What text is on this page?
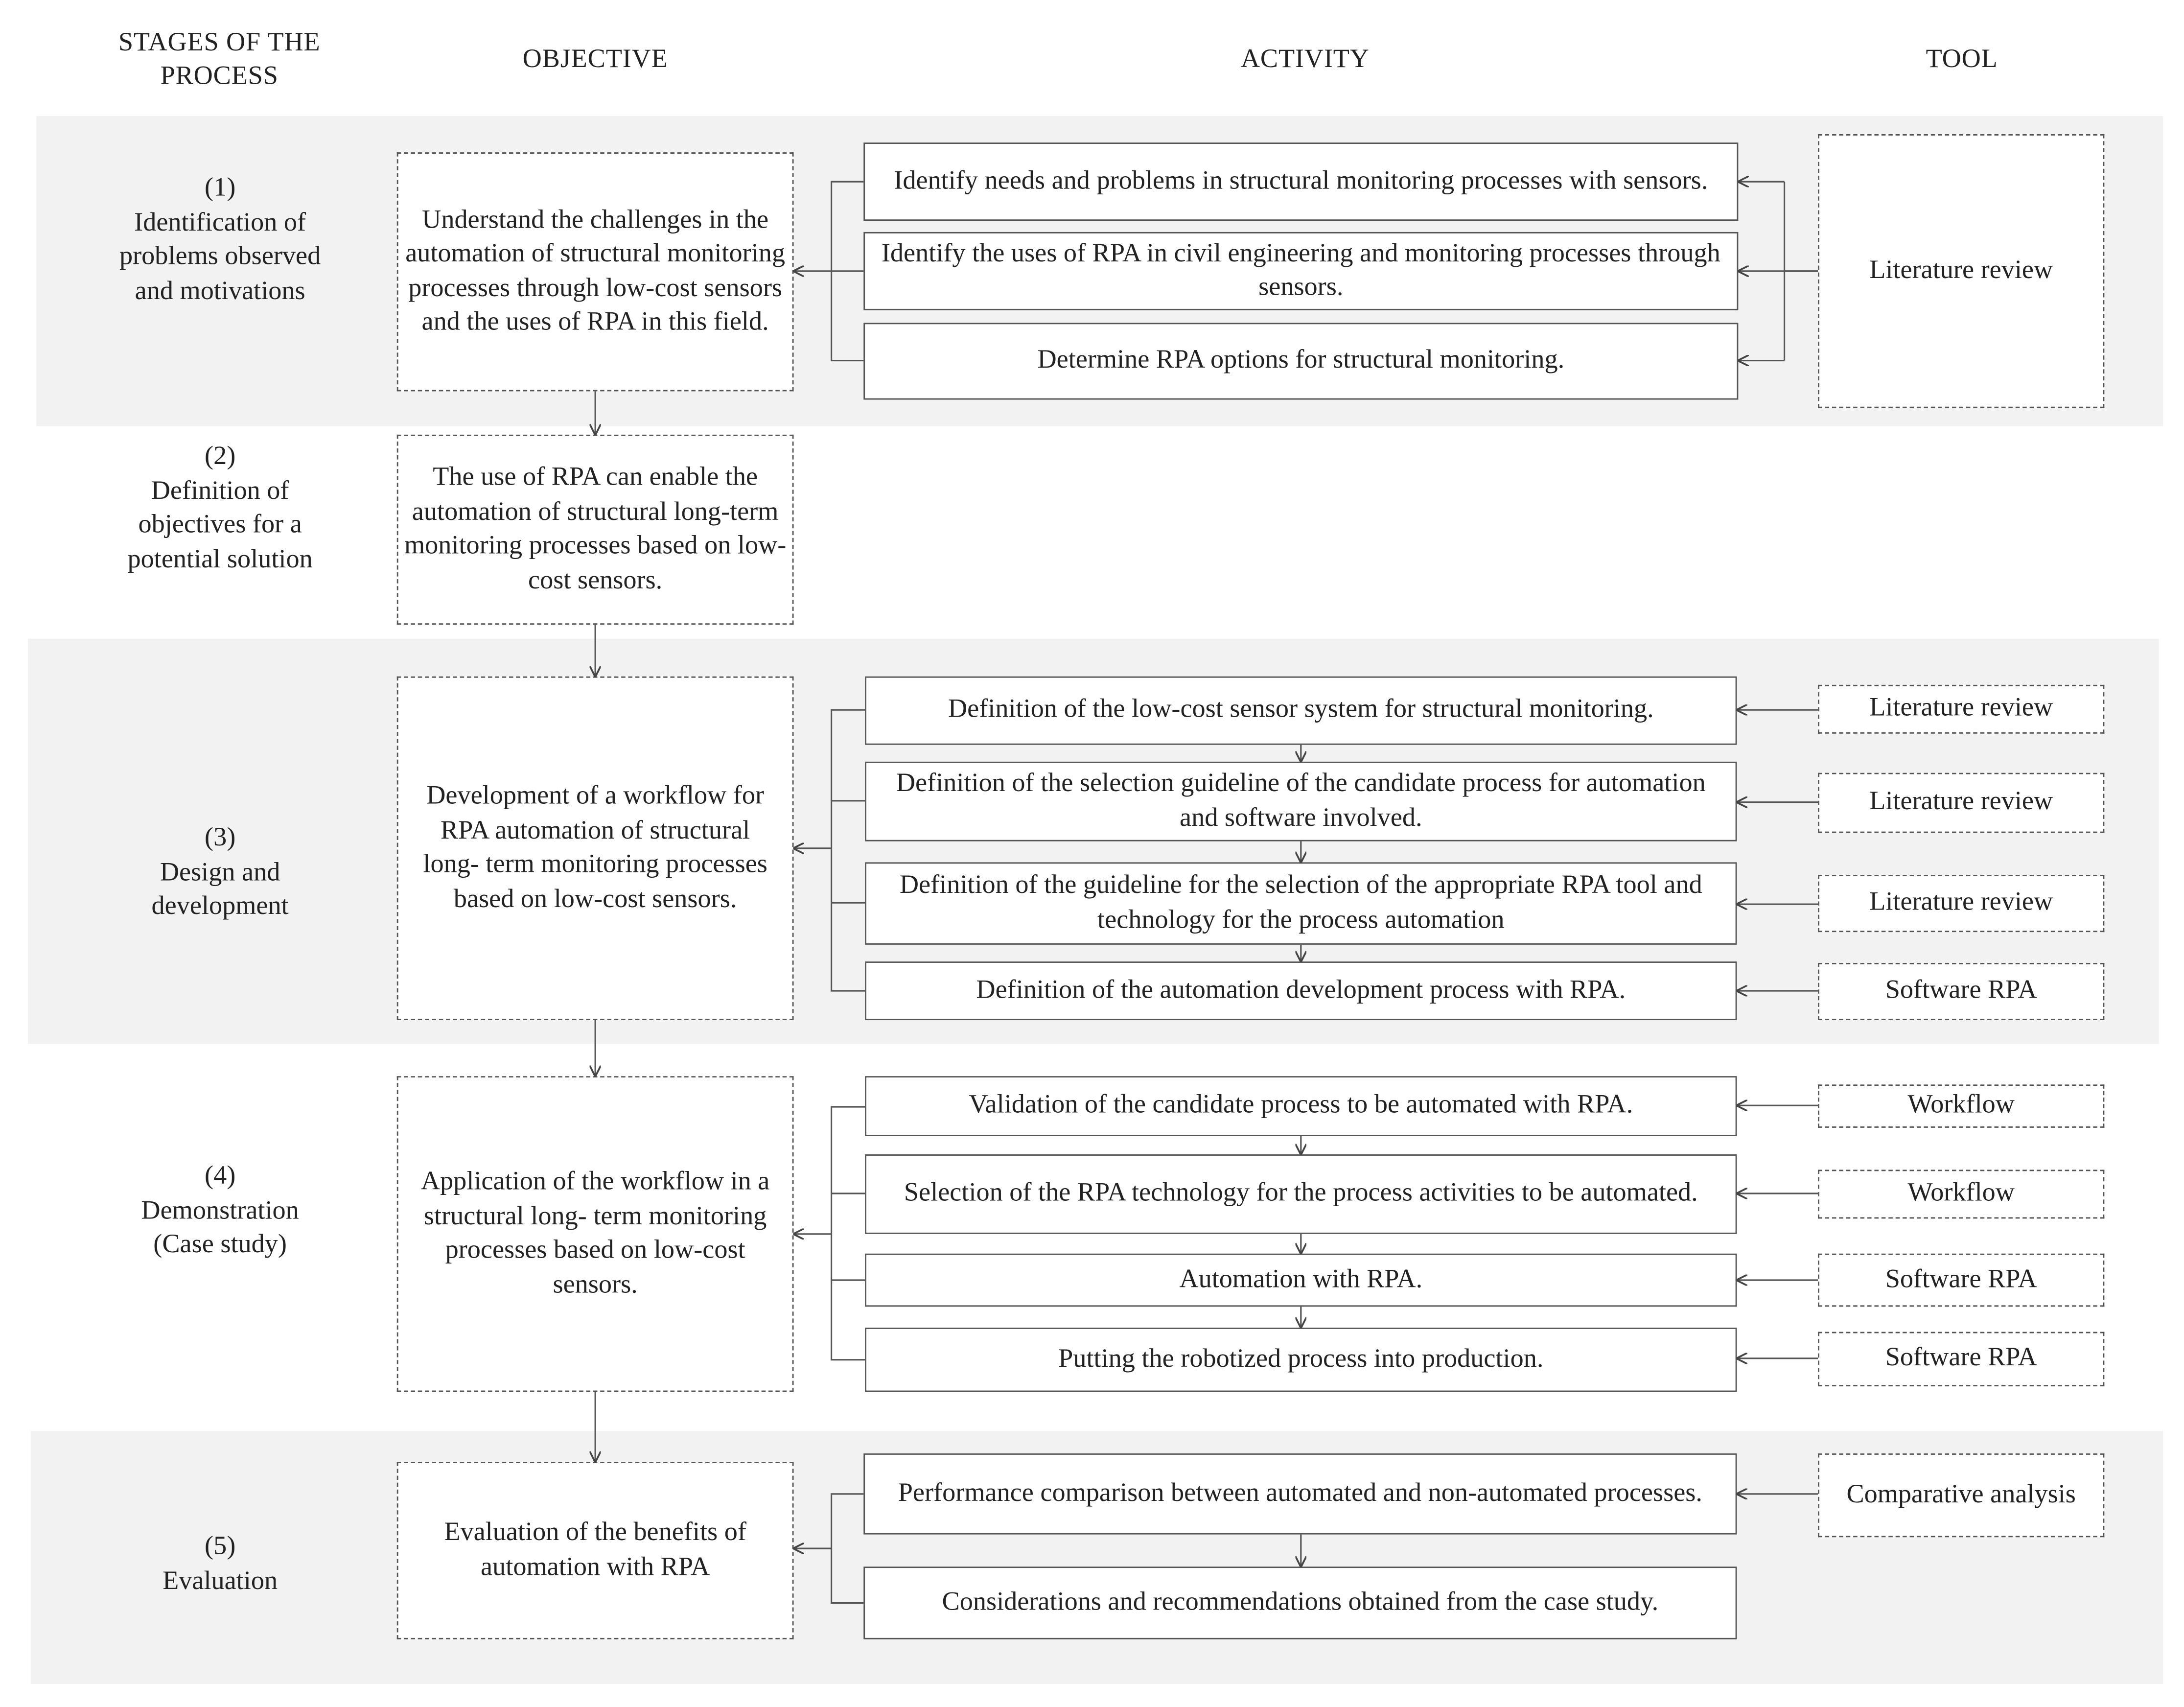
STAGES OF THE PROCESS
OBJECTIVE	ACTIVITY	TOOL
(1)
Identification of problems observed and motivations
(2)
Definition of objectives for a potential solution
(3)
Design and development
(4)
Demonstration (Case study)
(5)
Evaluation
Understand the challenges in the automation of structural monitoring processes through low-cost sensors and the uses of RPA in this field.
The use of RPA can enable the automation of structural long-term monitoring processes based on low-cost sensors.
Development of a workflow for RPA automation of structural long- term monitoring processes based on low-cost sensors.
Application of the workflow in a structural long- term monitoring processes based on low-cost sensors.
Evaluation of the benefits of automation with RPA
Identify needs and problems in structural monitoring processes with sensors.
Identify the uses of RPA in civil engineering and monitoring processes through sensors.
Determine RPA options for structural monitoring.
Definition of the low-cost sensor system for structural monitoring.
Definition of the selection guideline of the candidate process for automation and software involved.
Definition of the guideline for the selection of the appropriate RPA tool and technology for the process automation
Definition of the automation development process with RPA.
Validation of the candidate process to be automated with RPA.
Selection of the RPA technology for the process activities to be automated.
Automation with RPA.
Putting the robotized process into production.
Performance comparison between automated and non-automated processes.
Considerations and recommendations obtained from the case study.
Literature review
Literature review
Literature review
Literature review
Software RPA
Workflow
Workflow
Software RPA
Software RPA
Comparative analysis
